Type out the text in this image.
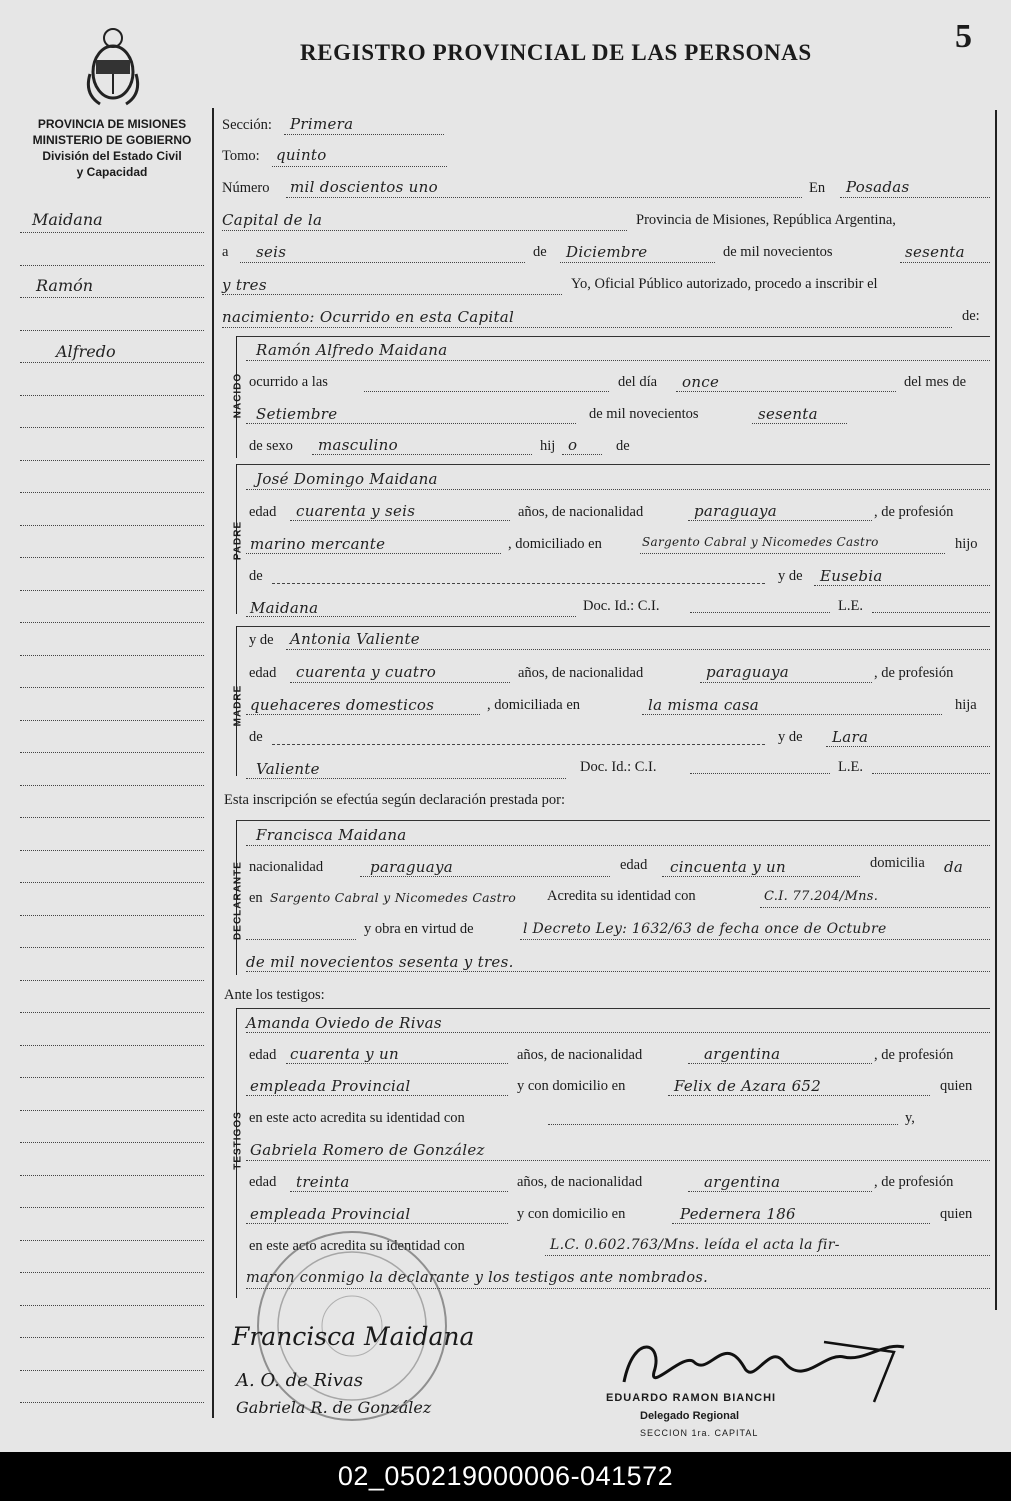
REGISTRO PROVINCIAL DE LAS PERSONAS	5
PROVINCIA DE MISIONES
MINISTERIO DE GOBIERNO
División del Estado Civil
y Capacidad
Maidana
Ramón
Alfredo
Sección: Primera
Tomo: quinto
Número mil doscientos uno	En Posadas
Capital de la	Provincia de Misiones, República Argentina,
a seis	de Diciembre	de mil novecientos	sesenta
y tres	Yo, Oficial Público autorizado, procedo a inscribir el
nacimiento: Ocurrido en esta Capital	de:
NACIDO
Ramón Alfredo Maidana
ocurrido a las	del día once	del mes de
Setiembre	de mil novecientos	sesenta
de sexo masculino	hij o	de
PADRE
José Domingo Maidana
edad cuarenta y seis	años, de nacionalidad	paraguaya	, de profesión
marino mercante	, domiciliado en	Sargento Cabral y Nicomedes Castro	hijo
de	y de Eusebia
Maidana	Doc. Id.: C.I.	L.E.
MADRE
y de Antonia Valiente
edad cuarenta y cuatro	años, de nacionalidad	paraguaya	, de profesión
quehaceres domesticos	, domiciliada en	la misma casa	hija
de	y de Lara
Valiente	Doc. Id.: C.I.	L.E.
Esta inscripción se efectúa según declaración prestada por:
DECLARANTE
Francisca Maidana
nacionalidad	paraguaya	edad cincuenta y un	domicilia da
en Sargento Cabral y Nicomedes Castro Acredita su identidad con	C.I. 77.204/Mns.
y obra en virtud de	l Decreto Ley: 1632/63 de fecha once de Octubre
de mil novecientos sesenta y tres.
Ante los testigos:
TESTIGOS
Amanda Oviedo de Rivas
edad cuarenta y un	años, de nacionalidad	argentina	, de profesión
empleada Provincial	y con domicilio en	Felix de Azara 652	quien
en este acto acredita su identidad con	y,
Gabriela Romero de González
edad treinta	años, de nacionalidad	argentina	, de profesión
empleada Provincial	y con domicilio en	Pedernera 186	quien
en este acto acredita su identidad con	L.C. 0.602.763/Mns. leída el acta la fir-
maron conmigo la declarante y los testigos ante nombrados.
Francisca Maidana
A. O. de Rivas
Gabriela R. de González	EDUARDO RAMON BIANCHI
Delegado Regional
SECCION 1ra. CAPITAL
02_050219000006-041572
